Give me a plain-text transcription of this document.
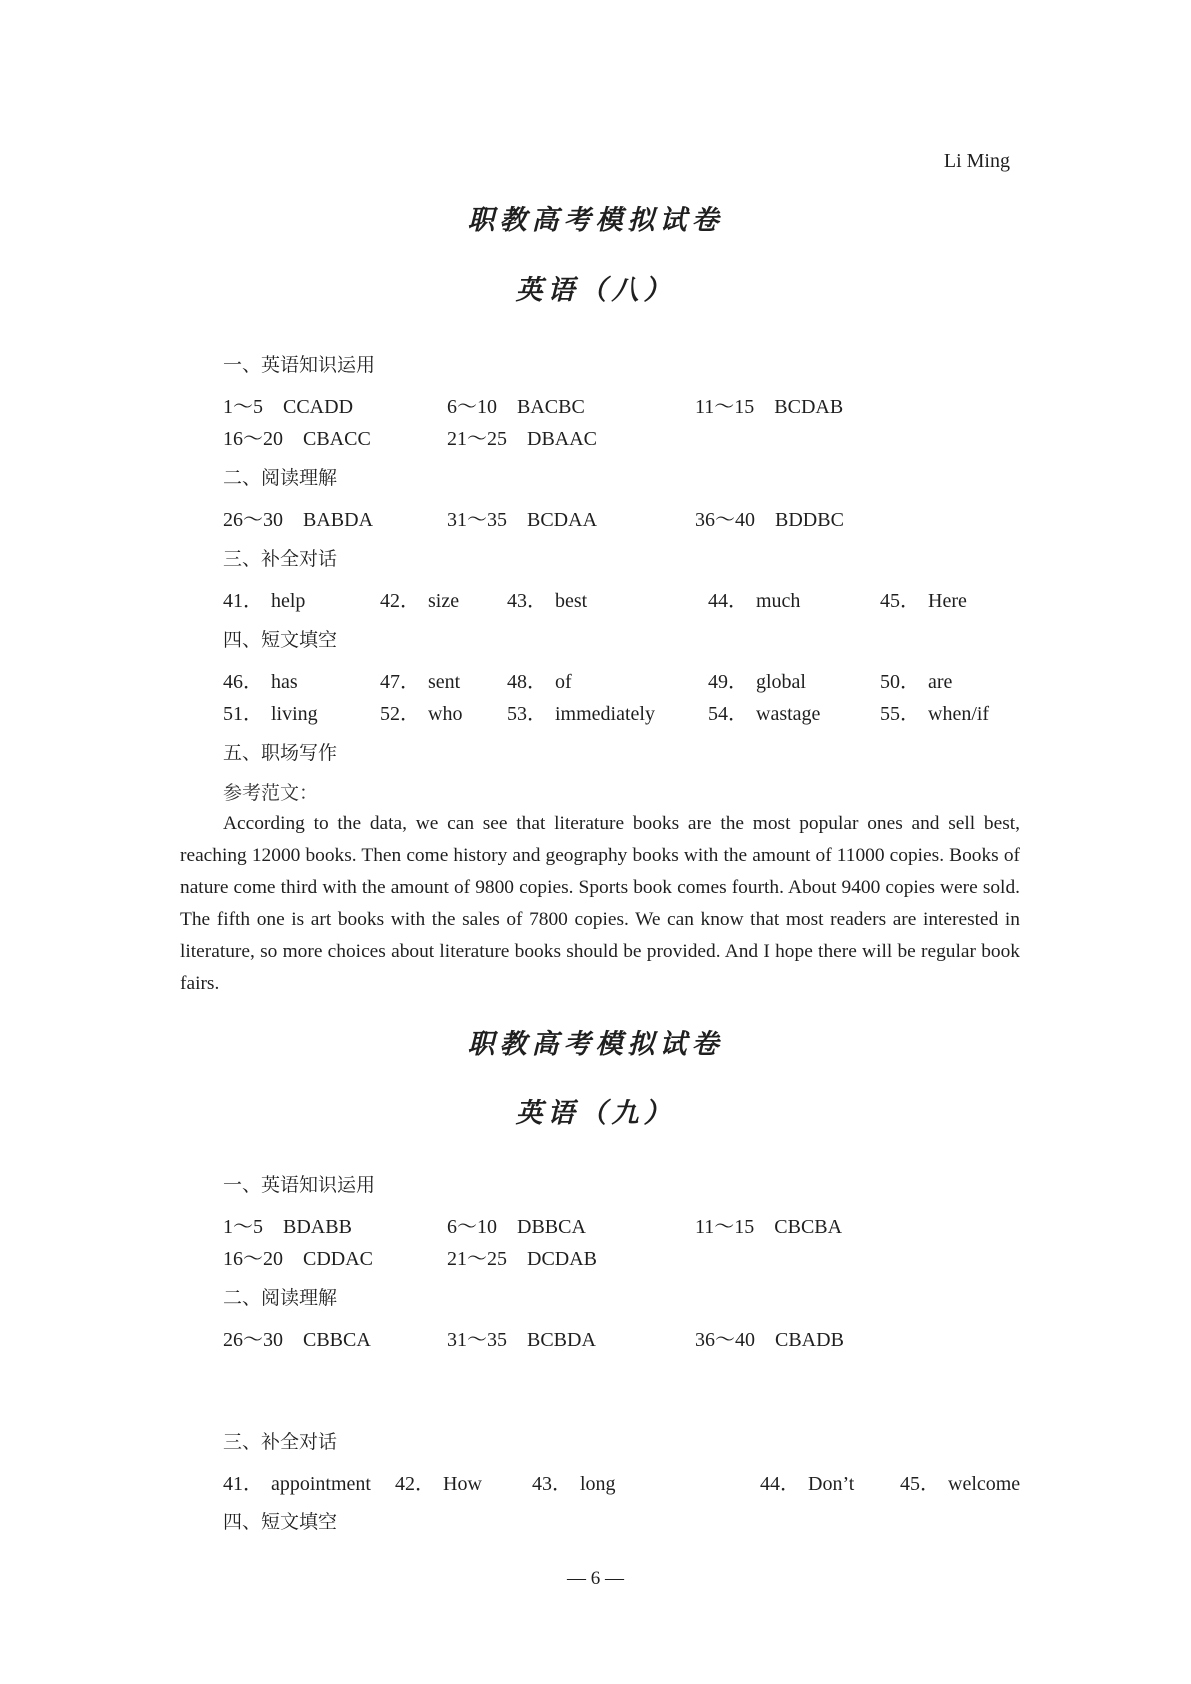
Li Ming
职教高考模拟试卷
英语（八）
一、英语知识运用
1～5 CCADD	6～10 BACBC	11～15 BCDAB
16～20 CBACC	21～25 DBAAC
二、阅读理解
26～30 BABDA	31～35 BCDAA	36～40 BDDBC
三、补全对话
41． help	42． size 43． best	44． much	45． Here
四、短文填空
46． has	47． sent 48． of	49． global	50． are
51． living	52． who 53． immediately	54． wastage	55． when/if
五、职场写作
参考范文：
According to the data, we can see that literature books are the most popular ones and sell best, reaching 12000 books. Then come history and geography books with the amount of 11000 copies. Books of nature come third with the amount of 9800 copies. Sports book comes fourth. About 9400 copies were sold. The fifth one is art books with the sales of 7800 copies. We can know that most readers are interested in literature, so more choices about literature books should be provided. And I hope there will be regular book fairs.
职教高考模拟试卷
英语（九）
一、英语知识运用
1～5 BDABB	6～10 DBBCA	11～15 CBCBA
16～20 CDDAC	21～25 DCDAB
二、阅读理解
26～30 CBBCA	31～35 BCBDA	36～40 CBADB
三、补全对话
41． appointment 42． How	43． long	44． Don’t 45． welcome
四、短文填空
— 6 —
